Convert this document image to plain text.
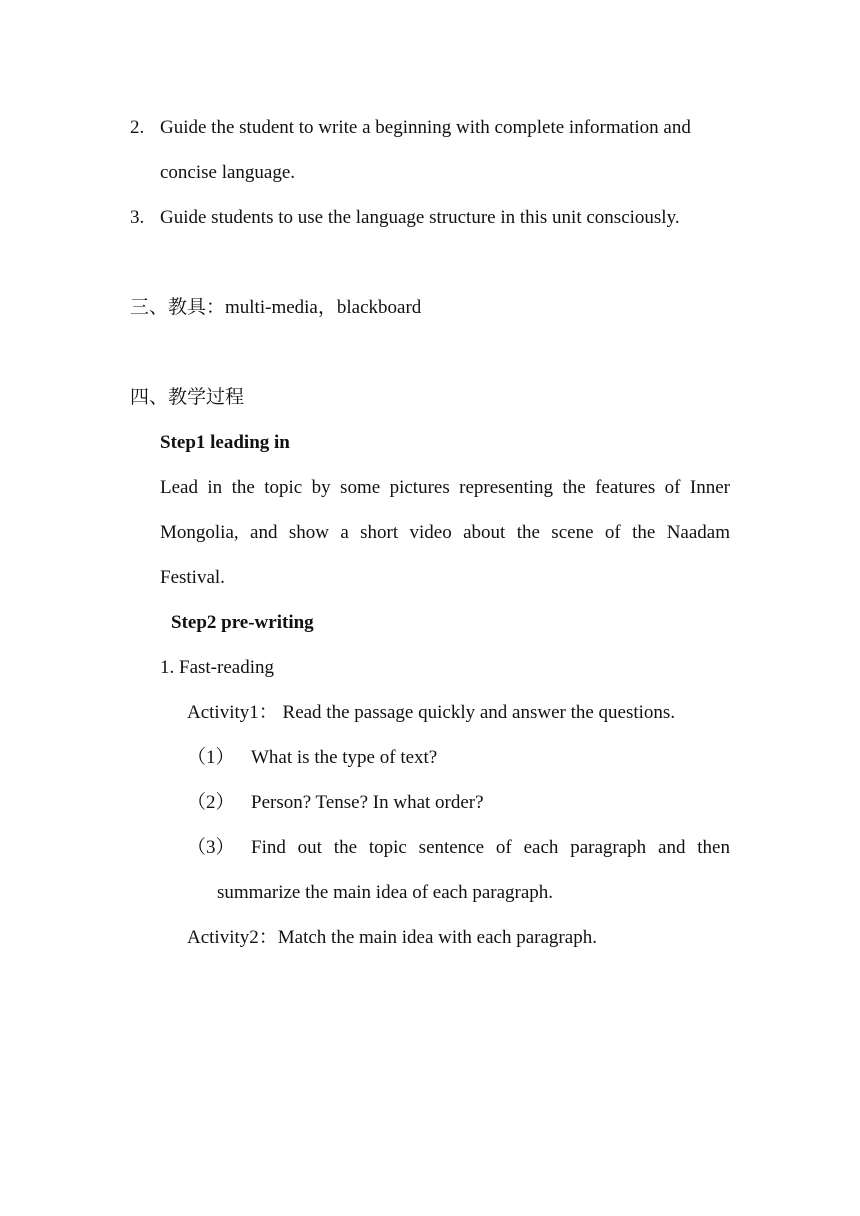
2. Guide the student to write a beginning with complete information and
concise language.
3. Guide students to use the language structure in this unit consciously.
三、教具：multi-media，blackboard
四、教学过程
Step1 leading in
Lead in the topic by some pictures representing the features of Inner
Mongolia, and show a short video about the scene of the Naadam
Festival.
Step2 pre-writing
1. Fast-reading
Activity1： Read the passage quickly and answer the questions.
（1） What is the type of text?
（2） Person? Tense? In what order?
（3） Find out the topic sentence of each paragraph and then
summarize the main idea of each paragraph.
Activity2：Match the main idea with each paragraph.
